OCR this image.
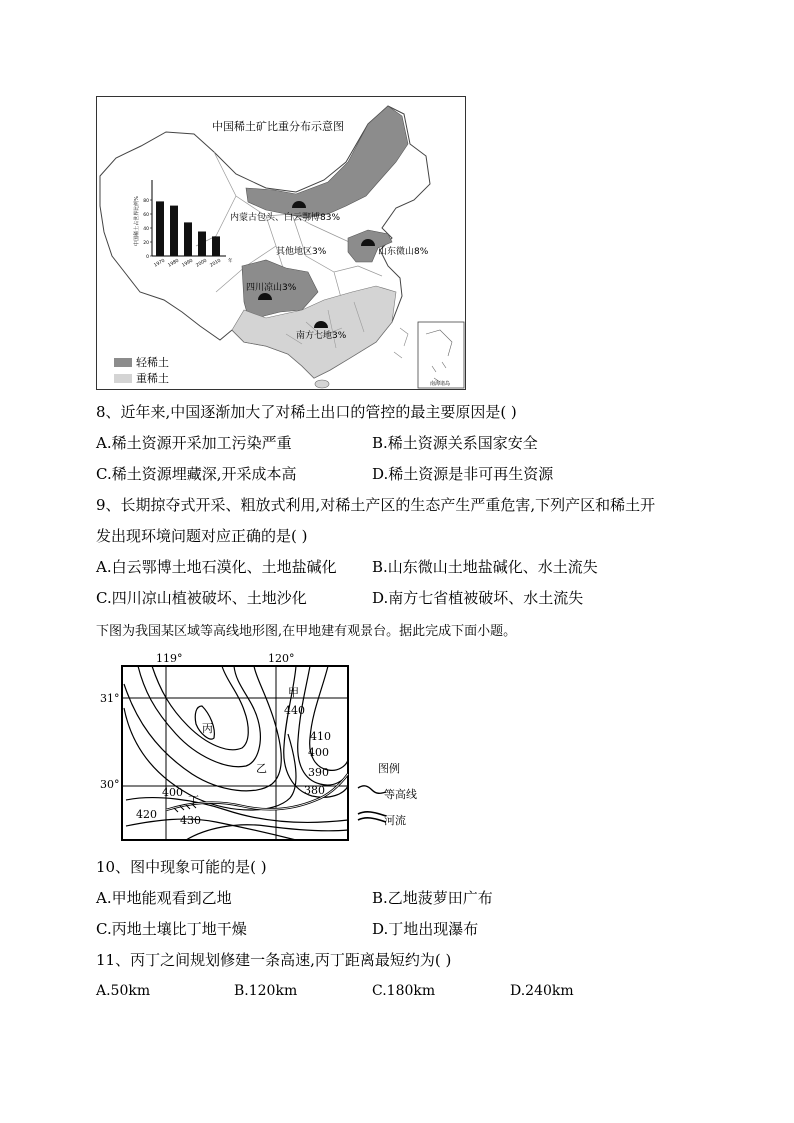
0
20
40
60
80
1970 1980 1990 2000 2010 年
中国稀土占世界比例%
中国稀土矿比重分布示意图
内蒙古包头、白云鄂博83%
其他地区3%	山东微山8%
四川凉山3%
南方七地3%
南海诸岛
轻稀土
重稀土
8、近年来,中国逐渐加大了对稀土出口的管控的最主要原因是( )
A.稀土资源开采加工污染严重	B.稀土资源关系国家安全
C.稀土资源埋藏深,开采成本高	D.稀土资源是非可再生资源
9、长期掠夺式开采、粗放式利用,对稀土产区的生态产生严重危害,下列产区和稀土开
发出现环境问题对应正确的是( )
A.白云鄂博土地石漠化、土地盐碱化 B.山东微山土地盐碱化、水土流失
C.四川凉山植被破坏、土地沙化	D.南方七省植被破坏、水土流失
下图为我国某区域等高线地形图,在甲地建有观景台。据此完成下面小题。
119°	120°
31°
30°
甲
丙
乙
丁
440
410
400
390
380
400
420 430
图例
等高线
河流
10、图中现象可能的是( )
A.甲地能观看到乙地	B.乙地菠萝田广布
C.丙地土壤比丁地干燥	D.丁地出现瀑布
11、丙丁之间规划修建一条高速,丙丁距离最短约为( )
A.50km	B.120km	C.180km	D.240km
